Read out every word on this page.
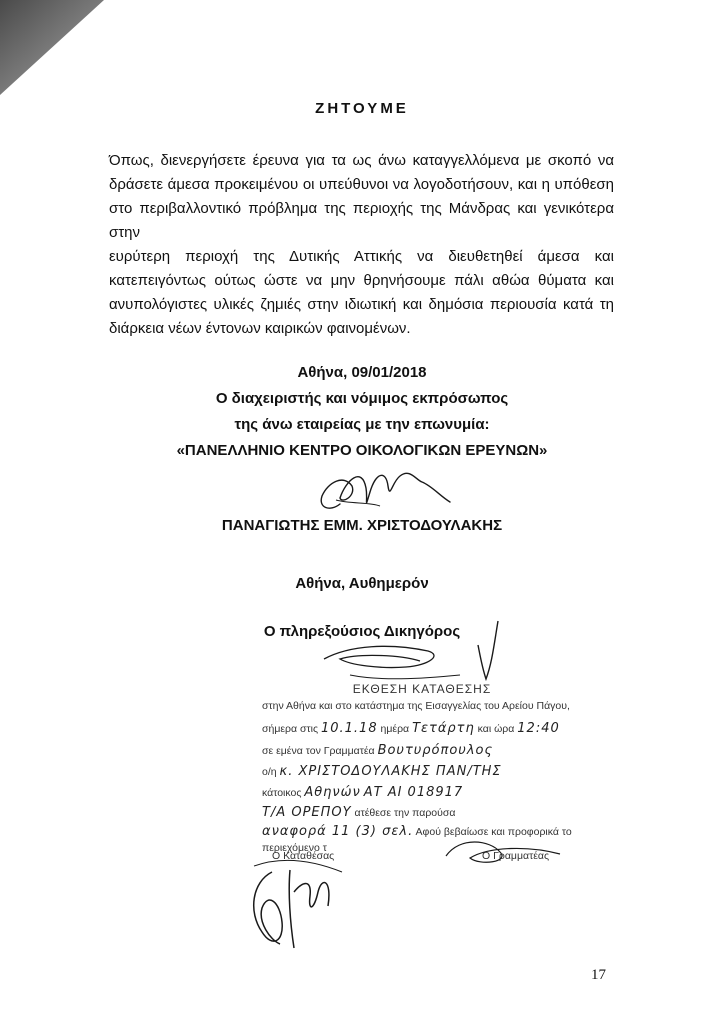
ΖΗΤΟΥΜΕ
Όπως, διενεργήσετε έρευνα για τα ως άνω καταγγελλόμενα με σκοπό να
δράσετε άμεσα προκειμένου οι υπεύθυνοι να λογοδοτήσουν, και η υπόθεση
στο περιβαλλοντικό πρόβλημα της περιοχής της Μάνδρας και γενικότερα στην
ευρύτερη περιοχή της Δυτικής Αττικής να διευθετηθεί άμεσα και
κατεπειγόντως ούτως ώστε να μην θρηνήσουμε πάλι αθώα θύματα και
ανυπολόγιστες υλικές ζημιές στην ιδιωτική και δημόσια περιουσία κατά τη
διάρκεια νέων έντονων καιρικών φαινομένων.
Αθήνα, 09/01/2018
Ο διαχειριστής και νόμιμος εκπρόσωπος
της άνω εταιρείας με την επωνυμία:
«ΠΑΝΕΛΛΗΝΙΟ ΚΕΝΤΡΟ ΟΙΚΟΛΟΓΙΚΩΝ ΕΡΕΥΝΩΝ»
ΠΑΝΑΓΙΩΤΗΣ ΕΜΜ. ΧΡΙΣΤΟΔΟΥΛΑΚΗΣ
Αθήνα, Αυθημερόν
Ο πληρεξούσιος Δικηγόρος
ΕΚΘΕΣΗ ΚΑΤΑΘΕΣΗΣ
στην Αθήνα και στο κατάστημα της Εισαγγελίας του Αρείου Πάγου,
σήμερα στις 10.1.18 ημέρα Τετάρτη και ώρα 12:40
σε εμένα τον Γραμματέα Βουτυρόπουλος
ο/η κ. ΧΡΙΣΤΟΔΟΥΛΑΚΗΣ ΠΑΝ/ΤΗΣ
κάτοικος Αθηνών ΑΤ ΑΙ 018917
Τ/Α ΟΡΕΠΟΥ ατέθεσε την παρούσα
αναφορά 11 (3) σελ. Αφού βεβαίωσε και προφορικά το
περιεχόμενο τ
Ο Καταθέσας	Ο Γραμματέας
17
